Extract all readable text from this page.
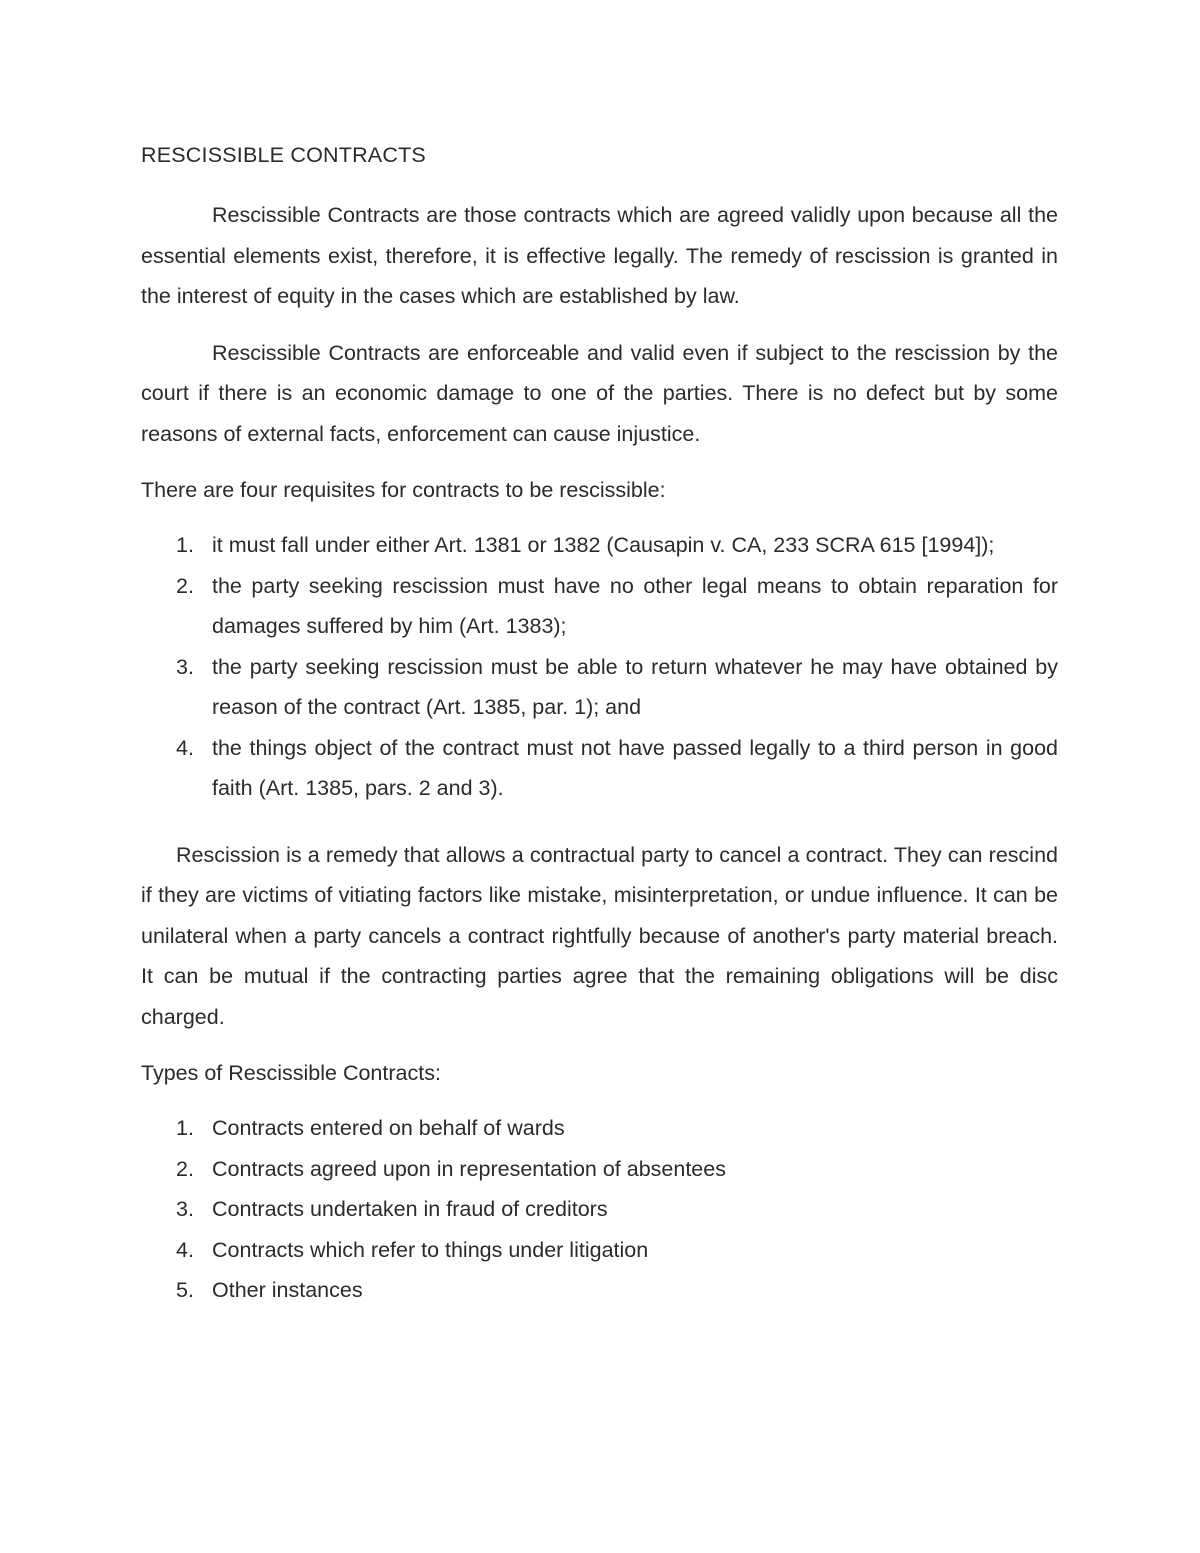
RESCISSIBLE CONTRACTS

Rescissible Contracts are those contracts which are agreed validly upon because all the essential elements exist, therefore, it is effective legally. The remedy of rescission is granted in the interest of equity in the cases which are established by law.

Rescissible Contracts are enforceable and valid even if subject to the rescission by the court if there is an economic damage to one of the parties. There is no defect but by some reasons of external facts, enforcement can cause injustice.

There are four requisites for contracts to be rescissible:

1. it must fall under either Art. 1381 or 1382 (Causapin v. CA, 233 SCRA 615 [1994]);
2. the party seeking rescission must have no other legal means to obtain reparation for damages suffered by him (Art. 1383);
3. the party seeking rescission must be able to return whatever he may have obtained by reason of the contract (Art. 1385, par. 1); and
4. the things object of the contract must not have passed legally to a third person in good faith (Art. 1385, pars. 2 and 3).

Rescission is a remedy that allows a contractual party to cancel a contract. They can rescind if they are victims of vitiating factors like mistake, misinterpretation, or undue influence. It can be unilateral when a party cancels a contract rightfully because of another's party material breach. It can be mutual if the contracting parties agree that the remaining obligations will be disc charged.

Types of Rescissible Contracts:

1. Contracts entered on behalf of wards
2. Contracts agreed upon in representation of absentees
3. Contracts undertaken in fraud of creditors
4. Contracts which refer to things under litigation
5. Other instances
